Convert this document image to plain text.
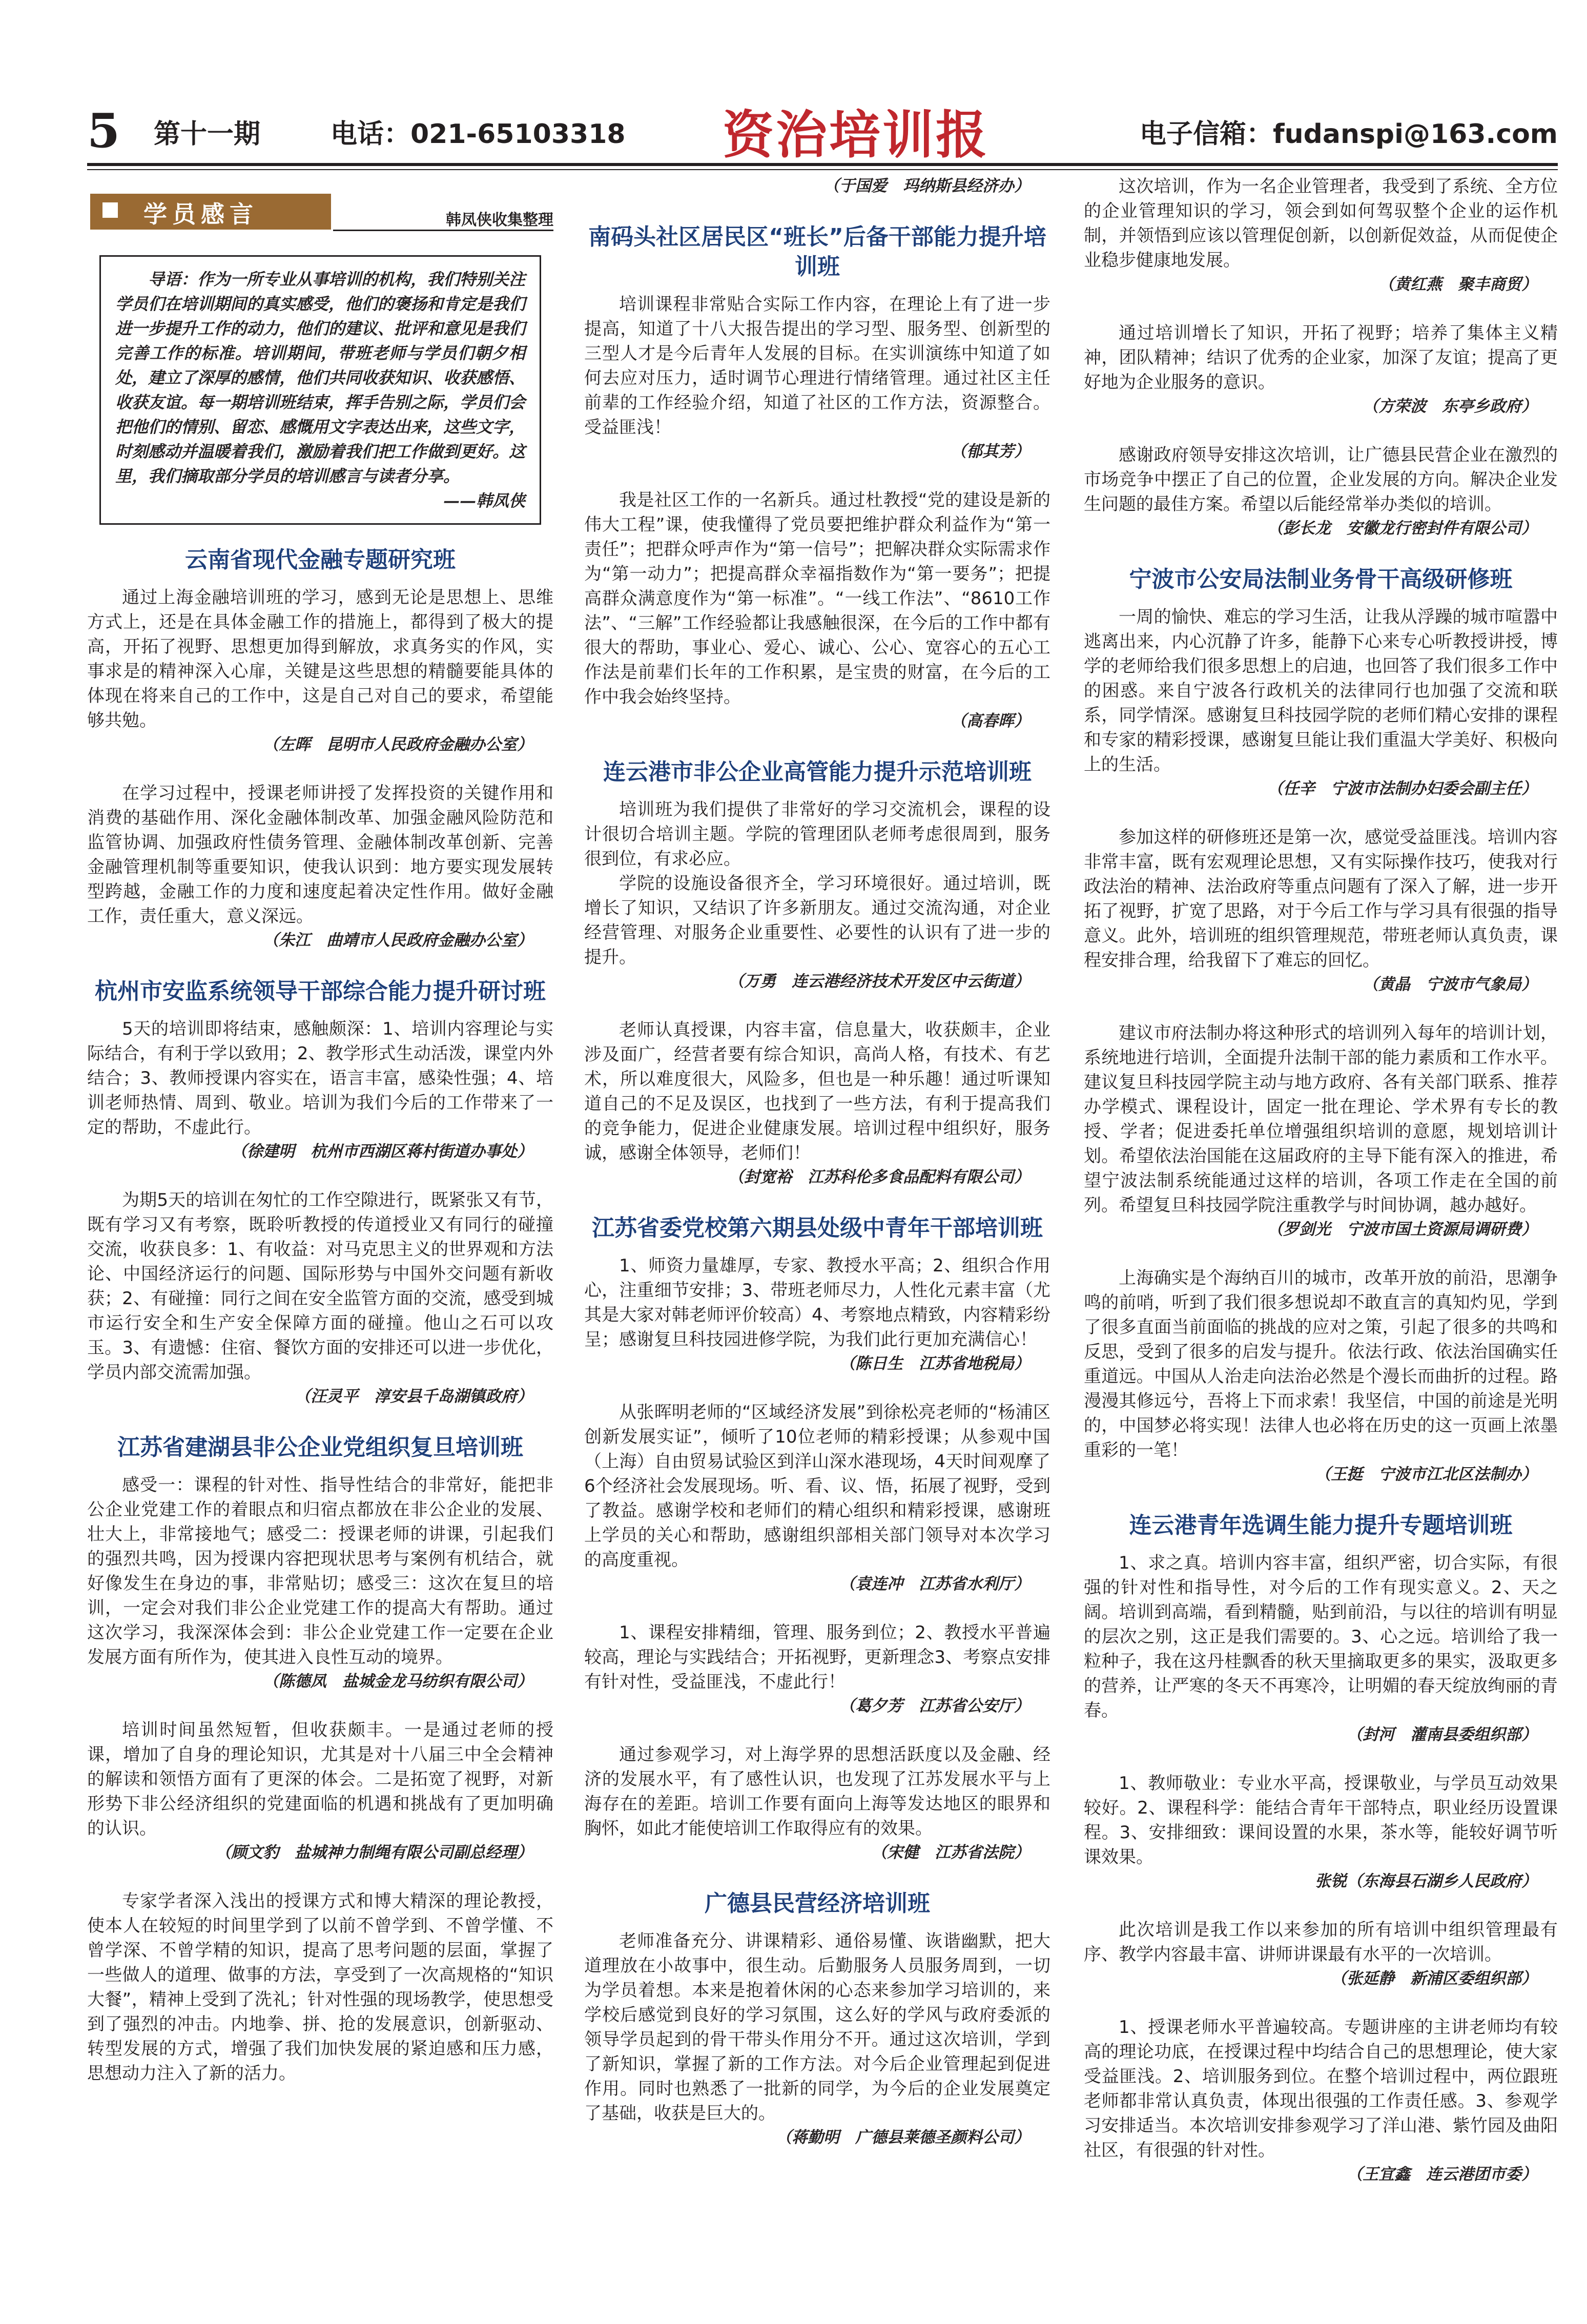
5 第十一期	电话：021-65103318 资治培训报	电子信箱：fudanspi@163.com
学员感言	韩凤侠收集整理

导语：作为一所专业从事培训的机构，我们特别关注学员们在培训期间的真实感受，他们的褒扬和肯定是我们进一步提升工作的动力，他们的建议、批评和意见是我们完善工作的标准。培训期间，带班老师与学员们朝夕相处，建立了深厚的感情，他们共同收获知识、收获感悟、收获友谊。每一期培训班结束，挥手告别之际，学员们会把他们的情别、留恋、感慨用文字表达出来，这些文字，时刻感动并温暖着我们，激励着我们把工作做到更好。这里，我们摘取部分学员的培训感言与读者分享。

——韩凤侠

云南省现代金融专题研究班

通过上海金融培训班的学习，感到无论是思想上、思维方式上，还是在具体金融工作的措施上，都得到了极大的提高，开拓了视野、思想更加得到解放，求真务实的作风，实事求是的精神深入心扉，关键是这些思想的精髓要能具体的体现在将来自己的工作中，这是自己对自己的要求，希望能够共勉。

（左晖　昆明市人民政府金融办公室）

在学习过程中，授课老师讲授了发挥投资的关键作用和消费的基础作用、深化金融体制改革、加强金融风险防范和监管协调、加强政府性债务管理、金融体制改革创新、完善金融管理机制等重要知识，使我认识到：地方要实现发展转型跨越，金融工作的力度和速度起着决定性作用。做好金融工作，责任重大，意义深远。

（朱江　曲靖市人民政府金融办公室）

杭州市安监系统领导干部综合能力提升研讨班

5天的培训即将结束，感触颇深：1、培训内容理论与实际结合，有利于学以致用；2、教学形式生动活泼，课堂内外结合；3、教师授课内容实在，语言丰富，感染性强；4、培训老师热情、周到、敬业。培训为我们今后的工作带来了一定的帮助，不虚此行。

（徐建明　杭州市西湖区蒋村街道办事处）

为期5天的培训在匆忙的工作空隙进行，既紧张又有节，既有学习又有考察，既聆听教授的传道授业又有同行的碰撞交流，收获良多：1、有收益：对马克思主义的世界观和方法论、中国经济运行的问题、国际形势与中国外交问题有新收获；2、有碰撞：同行之间在安全监管方面的交流，感受到城市运行安全和生产安全保障方面的碰撞。他山之石可以攻玉。3、有遗憾：住宿、餐饮方面的安排还可以进一步优化，学员内部交流需加强。

（汪灵平　淳安县千岛湖镇政府）

江苏省建湖县非公企业党组织复旦培训班

感受一：课程的针对性、指导性结合的非常好，能把非公企业党建工作的着眼点和归宿点都放在非公企业的发展、壮大上，非常接地气；感受二：授课老师的讲课，引起我们的强烈共鸣，因为授课内容把现状思考与案例有机结合，就好像发生在身边的事，非常贴切；感受三：这次在复旦的培训，一定会对我们非公企业党建工作的提高大有帮助。通过这次学习，我深深体会到：非公企业党建工作一定要在企业发展方面有所作为，使其进入良性互动的境界。

（陈德凤　盐城金龙马纺织有限公司）

培训时间虽然短暂，但收获颇丰。一是通过老师的授课，增加了自身的理论知识，尤其是对十八届三中全会精神的解读和领悟方面有了更深的体会。二是拓宽了视野，对新形势下非公经济组织的党建面临的机遇和挑战有了更加明确的认识。

（顾文豹　盐城神力制绳有限公司副总经理）

专家学者深入浅出的授课方式和博大精深的理论教授，使本人在较短的时间里学到了以前不曾学到、不曾学懂、不曾学深、不曾学精的知识，提高了思考问题的层面，掌握了一些做人的道理、做事的方法，享受到了一次高规格的“知识大餐”，精神上受到了洗礼；针对性强的现场教学，使思想受到了强烈的冲击。内地拳、拼、抢的发展意识，创新驱动、转型发展的方式，增强了我们加快发展的紧迫感和压力感，思想动力注入了新的活力。

（于国爱　玛纳斯县经济办）

南码头社区居民区“班长”后备干部能力提升培训班

培训课程非常贴合实际工作内容，在理论上有了进一步提高，知道了十八大报告提出的学习型、服务型、创新型的三型人才是今后青年人发展的目标。在实训演练中知道了如何去应对压力，适时调节心理进行情绪管理。通过社区主任前辈的工作经验介绍，知道了社区的工作方法，资源整合。受益匪浅！

（郁其芳）

我是社区工作的一名新兵。通过杜教授“党的建设是新的伟大工程”课，使我懂得了党员要把维护群众利益作为“第一责任”；把群众呼声作为“第一信号”；把解决群众实际需求作为“第一动力”；把提高群众幸福指数作为“第一要务”；把提高群众满意度作为“第一标准”。“一线工作法”、“8610工作法”、“三解”工作经验都让我感触很深，在今后的工作中都有很大的帮助，事业心、爱心、诚心、公心、宽容心的五心工作法是前辈们长年的工作积累，是宝贵的财富，在今后的工作中我会始终坚持。

（高春晖）

连云港市非公企业高管能力提升示范培训班

培训班为我们提供了非常好的学习交流机会，课程的设计很切合培训主题。学院的管理团队老师考虑很周到，服务很到位，有求必应。

学院的设施设备很齐全，学习环境很好。通过培训，既增长了知识，又结识了许多新朋友。通过交流沟通，对企业经营管理、对服务企业重要性、必要性的认识有了进一步的提升。

（万勇　连云港经济技术开发区中云街道）

老师认真授课，内容丰富，信息量大，收获颇丰，企业涉及面广，经营者要有综合知识，高尚人格，有技术、有艺术，所以难度很大，风险多，但也是一种乐趣！通过听课知道自己的不足及误区，也找到了一些方法，有利于提高我们的竞争能力，促进企业健康发展。培训过程中组织好，服务诚，感谢全体领导，老师们！

（封宽裕　江苏科伦多食品配料有限公司）

江苏省委党校第六期县处级中青年干部培训班

1、师资力量雄厚，专家、教授水平高；2、组织合作用心，注重细节安排；3、带班老师尽力，人性化元素丰富（尤其是大家对韩老师评价较高）4、考察地点精致，内容精彩纷呈；感谢复旦科技园进修学院，为我们此行更加充满信心！

（陈日生　江苏省地税局）

从张晖明老师的“区域经济发展”到徐松亮老师的“杨浦区创新发展实证”，倾听了10位老师的精彩授课；从参观中国（上海）自由贸易试验区到洋山深水港现场，4天时间观摩了6个经济社会发展现场。听、看、议、悟，拓展了视野，受到了教益。感谢学校和老师们的精心组织和精彩授课，感谢班上学员的关心和帮助，感谢组织部相关部门领导对本次学习的高度重视。

（袁连冲　江苏省水利厅）

1、课程安排精细，管理、服务到位；2、教授水平普遍较高，理论与实践结合；开拓视野，更新理念3、考察点安排有针对性，受益匪浅，不虚此行！

（葛夕芳　江苏省公安厅）

通过参观学习，对上海学界的思想活跃度以及金融、经济的发展水平，有了感性认识，也发现了江苏发展水平与上海存在的差距。培训工作要有面向上海等发达地区的眼界和胸怀，如此才能使培训工作取得应有的效果。

（宋健　江苏省法院）

广德县民营经济培训班

老师准备充分、讲课精彩、通俗易懂、诙谐幽默，把大道理放在小故事中，很生动。后勤服务人员服务周到，一切为学员着想。本来是抱着休闲的心态来参加学习培训的，来学校后感觉到良好的学习氛围，这么好的学风与政府委派的领导学员起到的骨干带头作用分不开。通过这次培训，学到了新知识，掌握了新的工作方法。对今后企业管理起到促进作用。同时也熟悉了一批新的同学，为今后的企业发展奠定了基础，收获是巨大的。

（蒋勤明　广德县莱德圣颜料公司）

这次培训，作为一名企业管理者，我受到了系统、全方位的企业管理知识的学习，领会到如何驾驭整个企业的运作机制，并领悟到应该以管理促创新，以创新促效益，从而促使企业稳步健康地发展。

（黄红燕　聚丰商贸）

通过培训增长了知识，开拓了视野；培养了集体主义精神，团队精神；结识了优秀的企业家，加深了友谊；提高了更好地为企业服务的意识。

（方荣波　东亭乡政府）

感谢政府领导安排这次培训，让广德县民营企业在激烈的市场竞争中摆正了自己的位置，企业发展的方向。解决企业发生问题的最佳方案。希望以后能经常举办类似的培训。

（彭长龙　安徽龙行密封件有限公司）

宁波市公安局法制业务骨干高级研修班

一周的愉快、难忘的学习生活，让我从浮躁的城市喧嚣中逃离出来，内心沉静了许多，能静下心来专心听教授讲授，博学的老师给我们很多思想上的启迪，也回答了我们很多工作中的困惑。来自宁波各行政机关的法律同行也加强了交流和联系，同学情深。感谢复旦科技园学院的老师们精心安排的课程和专家的精彩授课，感谢复旦能让我们重温大学美好、积极向上的生活。

（任辛　宁波市法制办妇委会副主任）

参加这样的研修班还是第一次，感觉受益匪浅。培训内容非常丰富，既有宏观理论思想，又有实际操作技巧，使我对行政法治的精神、法治政府等重点问题有了深入了解，进一步开拓了视野，扩宽了思路，对于今后工作与学习具有很强的指导意义。此外，培训班的组织管理规范，带班老师认真负责，课程安排合理，给我留下了难忘的回忆。

（黄晶　宁波市气象局）

建议市府法制办将这种形式的培训列入每年的培训计划，系统地进行培训，全面提升法制干部的能力素质和工作水平。建议复旦科技园学院主动与地方政府、各有关部门联系、推荐办学模式、课程设计，固定一批在理论、学术界有专长的教授、学者；促进委托单位增强组织培训的意愿，规划培训计划。希望依法治国能在这届政府的主导下能有深入的推进，希望宁波法制系统能通过这样的培训，各项工作走在全国的前列。希望复旦科技园学院注重教学与时间协调，越办越好。

（罗剑光　宁波市国土资源局调研费）

上海确实是个海纳百川的城市，改革开放的前沿，思潮争鸣的前哨，听到了我们很多想说却不敢直言的真知灼见，学到了很多直面当前面临的挑战的应对之策，引起了很多的共鸣和反思，受到了很多的启发与提升。依法行政、依法治国确实任重道远。中国从人治走向法治必然是个漫长而曲折的过程。路漫漫其修远兮，吾将上下而求索！我坚信，中国的前途是光明的，中国梦必将实现！法律人也必将在历史的这一页画上浓墨重彩的一笔！

（王挺　宁波市江北区法制办）

连云港青年选调生能力提升专题培训班

1、求之真。培训内容丰富，组织严密，切合实际，有很强的针对性和指导性，对今后的工作有现实意义。2、天之阔。培训到高端，看到精髓，贴到前沿，与以往的培训有明显的层次之别，这正是我们需要的。3、心之远。培训给了我一粒种子，我在这丹桂飘香的秋天里摘取更多的果实，汲取更多的营养，让严寒的冬天不再寒冷，让明媚的春天绽放绚丽的青春。

（封河　灌南县委组织部）

1、教师敬业：专业水平高，授课敬业，与学员互动效果较好。2、课程科学：能结合青年干部特点，职业经历设置课程。3、安排细致：课间设置的水果，茶水等，能较好调节听课效果。

张锐（东海县石湖乡人民政府）

此次培训是我工作以来参加的所有培训中组织管理最有序、教学内容最丰富、讲师讲课最有水平的一次培训。

（张延静　新浦区委组织部）

1、授课老师水平普遍较高。专题讲座的主讲老师均有较高的理论功底，在授课过程中均结合自己的思想理论，使大家受益匪浅。2、培训服务到位。在整个培训过程中，两位跟班老师都非常认真负责，体现出很强的工作责任感。3、参观学习安排适当。本次培训安排参观学习了洋山港、紫竹园及曲阳社区，有很强的针对性。

（王宜鑫　连云港团市委）
